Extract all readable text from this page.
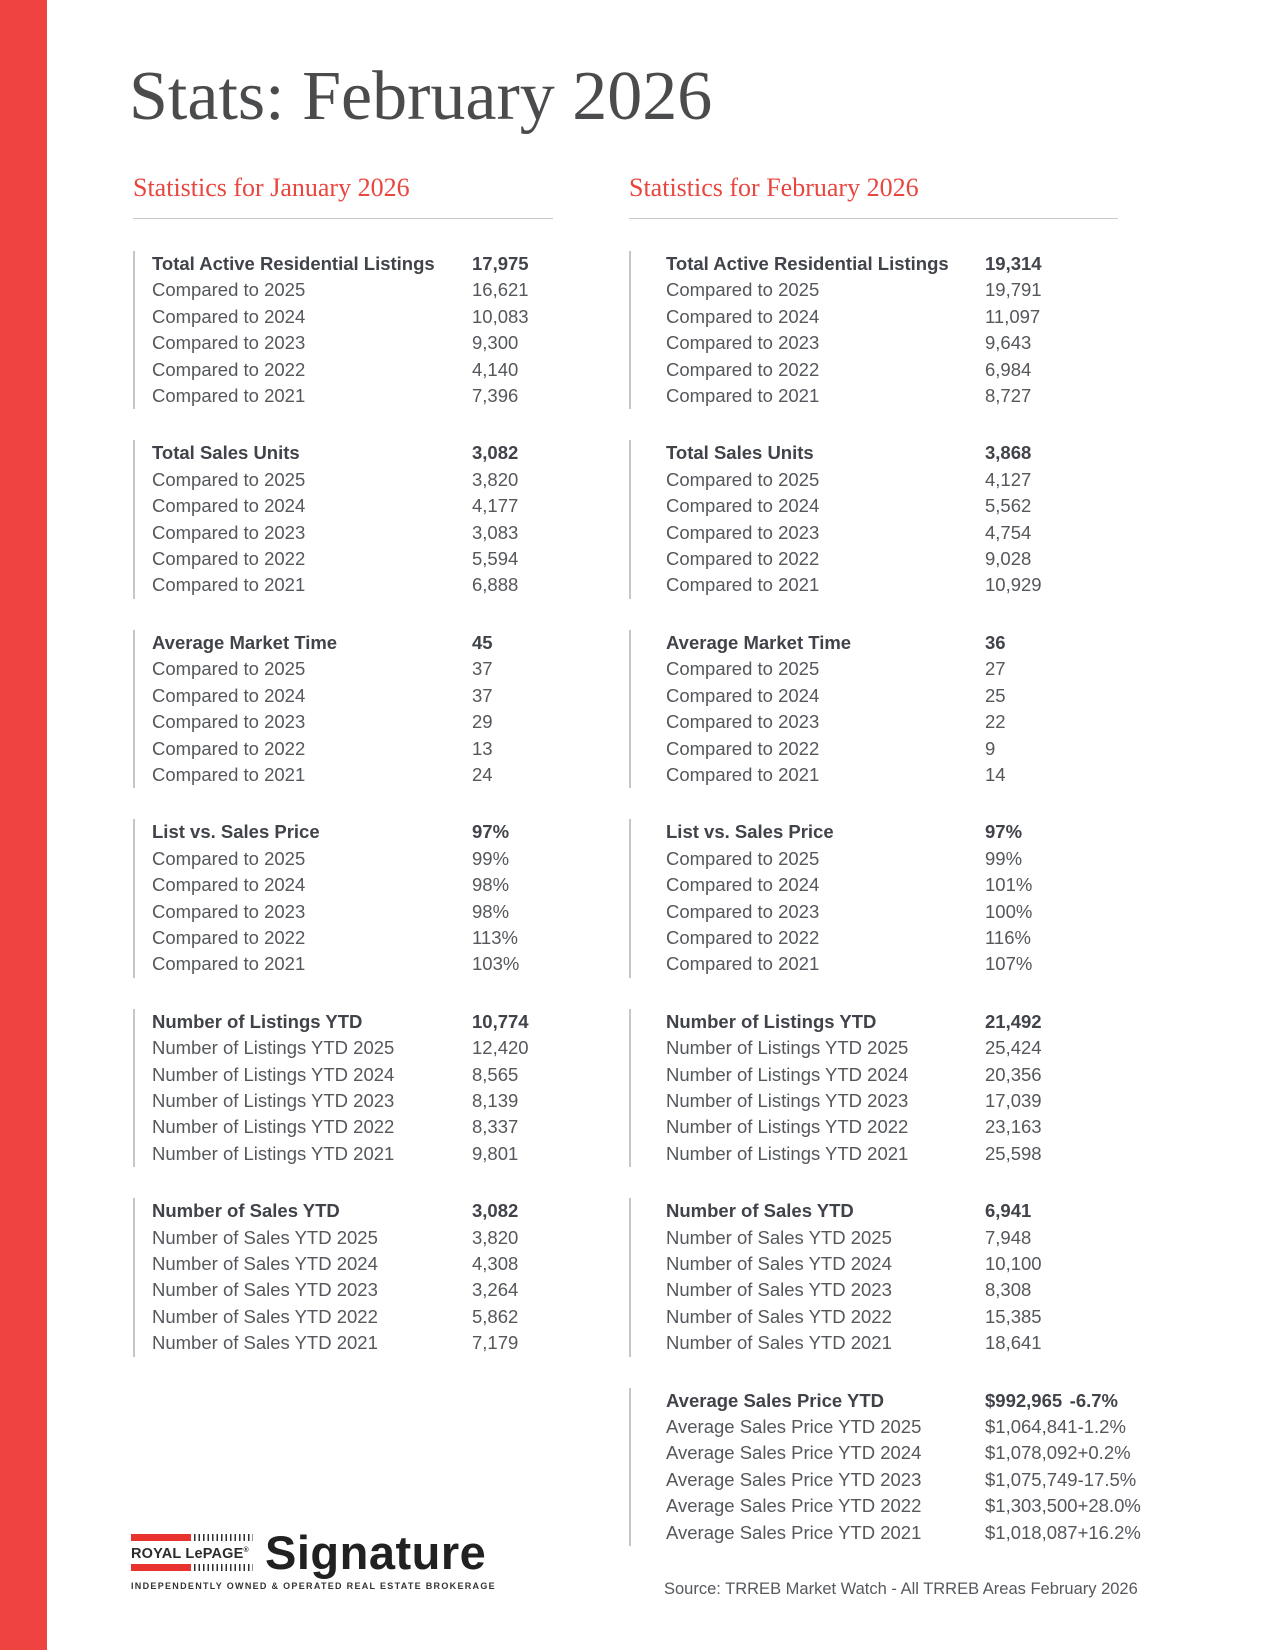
Stats: February 2026
Statistics for January 2026
Total Active Residential Listings	17,975
Compared to 2025	16,621
Compared to 2024	10,083
Compared to 2023	9,300
Compared to 2022	4,140
Compared to 2021	7,396
Total Sales Units	3,082
Compared to 2025	3,820
Compared to 2024	4,177
Compared to 2023	3,083
Compared to 2022	5,594
Compared to 2021	6,888
Average Market Time	45
Compared to 2025	37
Compared to 2024	37
Compared to 2023	29
Compared to 2022	13
Compared to 2021	24
List vs. Sales Price	97%
Compared to 2025	99%
Compared to 2024	98%
Compared to 2023	98%
Compared to 2022	113%
Compared to 2021	103%
Number of Listings YTD	10,774
Number of Listings YTD 2025	12,420
Number of Listings YTD 2024	8,565
Number of Listings YTD 2023	8,139
Number of Listings YTD 2022	8,337
Number of Listings YTD 2021	9,801
Number of Sales YTD	3,082
Number of Sales YTD 2025	3,820
Number of Sales YTD 2024	4,308
Number of Sales YTD 2023	3,264
Number of Sales YTD 2022	5,862
Number of Sales YTD 2021	7,179
Statistics for February 2026
Total Active Residential Listings	19,314
Compared to 2025	19,791
Compared to 2024	11,097
Compared to 2023	9,643
Compared to 2022	6,984
Compared to 2021	8,727
Total Sales Units	3,868
Compared to 2025	4,127
Compared to 2024	5,562
Compared to 2023	4,754
Compared to 2022	9,028
Compared to 2021	10,929
Average Market Time	36
Compared to 2025	27
Compared to 2024	25
Compared to 2023	22
Compared to 2022	9
Compared to 2021	14
List vs. Sales Price	97%
Compared to 2025	99%
Compared to 2024	101%
Compared to 2023	100%
Compared to 2022	116%
Compared to 2021	107%
Number of Listings YTD	21,492
Number of Listings YTD 2025	25,424
Number of Listings YTD 2024	20,356
Number of Listings YTD 2023	17,039
Number of Listings YTD 2022	23,163
Number of Listings YTD 2021	25,598
Number of Sales YTD	6,941
Number of Sales YTD 2025	7,948
Number of Sales YTD 2024	10,100
Number of Sales YTD 2023	8,308
Number of Sales YTD 2022	15,385
Number of Sales YTD 2021	18,641
Average Sales Price YTD	$992,965 -6.7%
Average Sales Price YTD 2025	$1,064,841 -1.2%
Average Sales Price YTD 2024	$1,078,092 +0.2%
Average Sales Price YTD 2023	$1,075,749 -17.5%
Average Sales Price YTD 2022	$1,303,500 +28.0%
Average Sales Price YTD 2021	$1,018,087 +16.2%
ROYAL LePAGE® Signature
INDEPENDENTLY OWNED & OPERATED REAL ESTATE BROKERAGE	Source: TRREB Market Watch - All TRREB Areas February 2026
